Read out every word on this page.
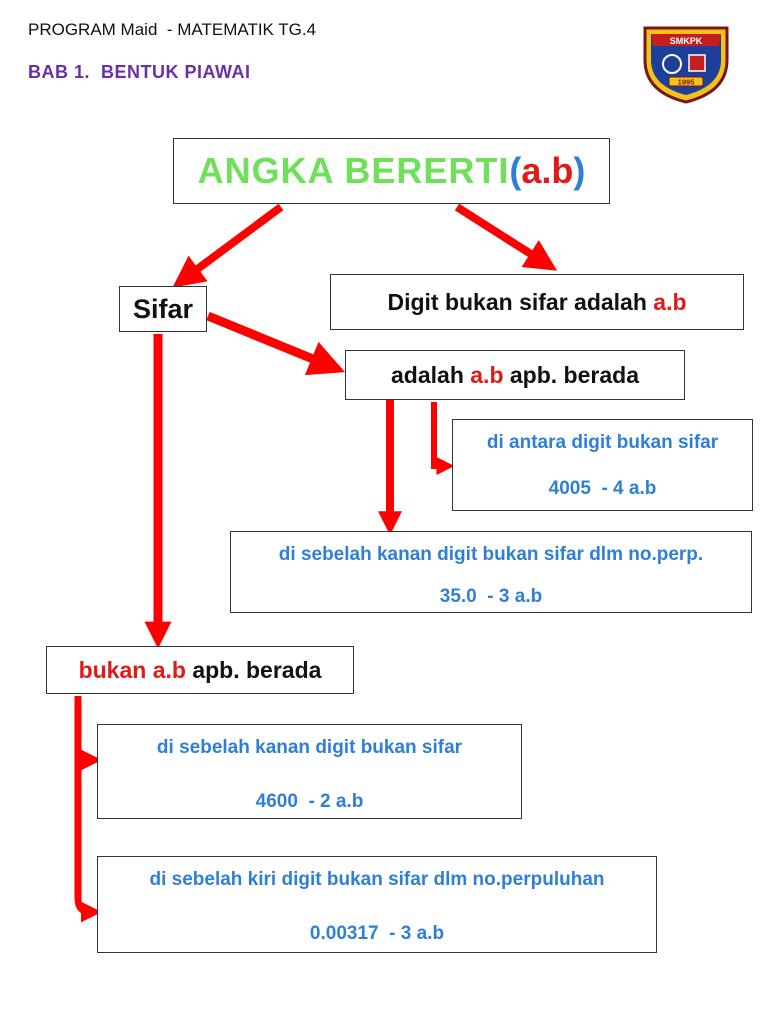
PROGRAM Maid  - MATEMATIK TG.4
BAB 1.  BENTUK PIAWAI
SMKPK
1995
ANGKA BERERTI ( a.b )
Sifar	Digit bukan sifar adalah a.b
adalah a.b apb. berada
di antara digit bukan sifar
4005  - 4 a.b
di sebelah kanan digit bukan sifar dlm no.perp.
35.0  - 3 a.b
bukan a.b apb. berada
di sebelah kanan digit bukan sifar
4600  - 2 a.b
di sebelah kiri digit bukan sifar dlm no.perpuluhan
0.00317  - 3 a.b
